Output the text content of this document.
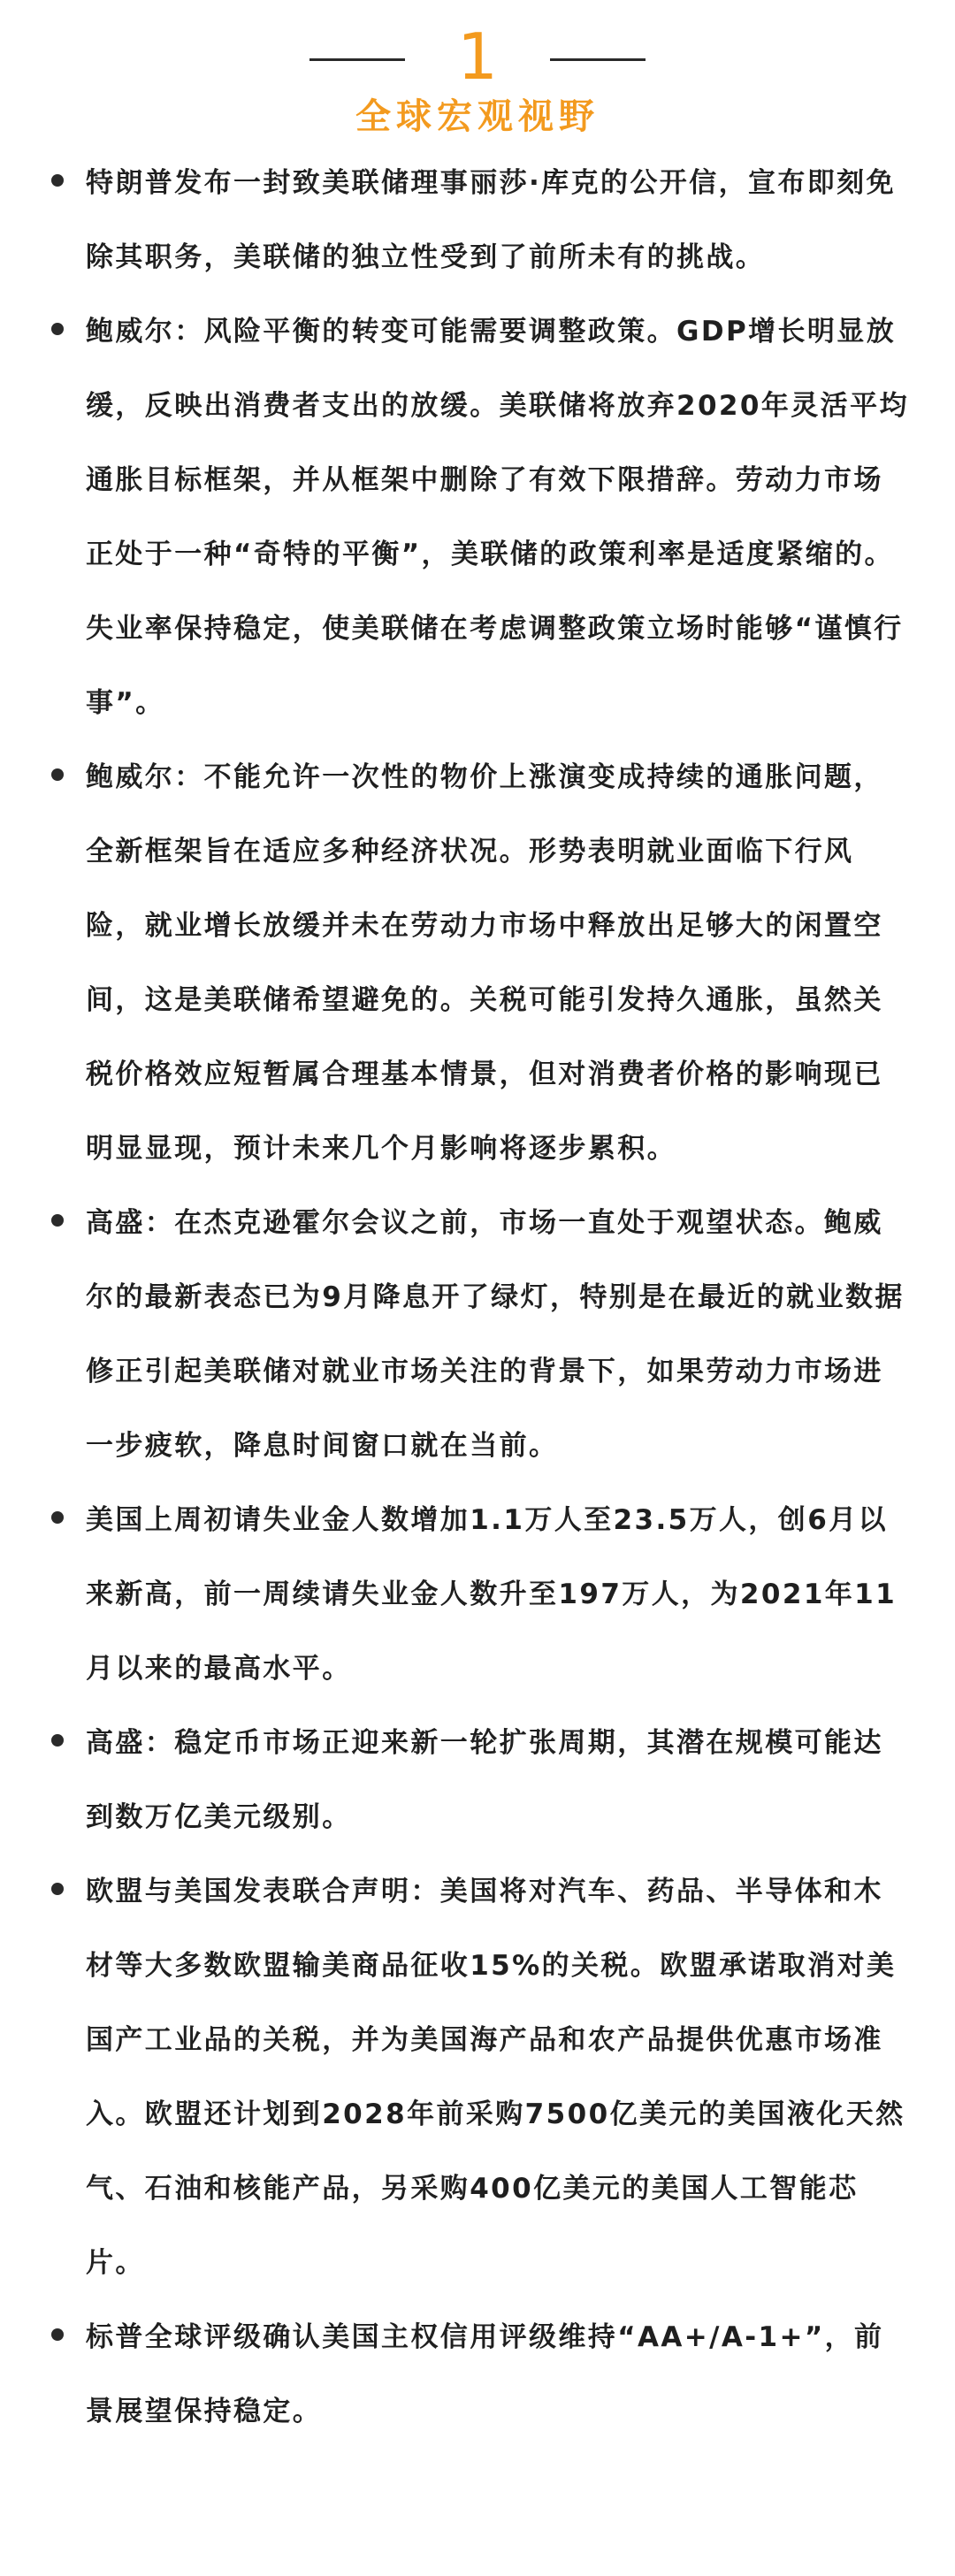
1
全球宏观视野
特朗普发布一封致美联储理事丽莎·库克的公开信，宣布即刻免除其职务，美联储的独立性受到了前所未有的挑战。
鲍威尔：风险平衡的转变可能需要调整政策。GDP增长明显放缓，反映出消费者支出的放缓。美联储将放弃2020年灵活平均通胀目标框架，并从框架中删除了有效下限措辞。劳动力市场正处于一种“奇特的平衡”，美联储的政策利率是适度紧缩的。失业率保持稳定，使美联储在考虑调整政策立场时能够“谨慎行事”。
鲍威尔：不能允许一次性的物价上涨演变成持续的通胀问题，全新框架旨在适应多种经济状况。形势表明就业面临下行风险，就业增长放缓并未在劳动力市场中释放出足够大的闲置空间，这是美联储希望避免的。关税可能引发持久通胀，虽然关税价格效应短暂属合理基本情景，但对消费者价格的影响现已明显显现，预计未来几个月影响将逐步累积。
高盛：在杰克逊霍尔会议之前，市场一直处于观望状态。鲍威尔的最新表态已为9月降息开了绿灯，特别是在最近的就业数据修正引起美联储对就业市场关注的背景下，如果劳动力市场进一步疲软，降息时间窗口就在当前。
美国上周初请失业金人数增加1.1万人至23.5万人，创6月以来新高，前一周续请失业金人数升至197万人，为2021年11月以来的最高水平。
高盛：稳定币市场正迎来新一轮扩张周期，其潜在规模可能达到数万亿美元级别。
欧盟与美国发表联合声明：美国将对汽车、药品、半导体和木材等大多数欧盟输美商品征收15%的关税。欧盟承诺取消对美国产工业品的关税，并为美国海产品和农产品提供优惠市场准入。欧盟还计划到2028年前采购7500亿美元的美国液化天然气、石油和核能产品，另采购400亿美元的美国人工智能芯片。
标普全球评级确认美国主权信用评级维持“AA+/A-1+”，前景展望保持稳定。
